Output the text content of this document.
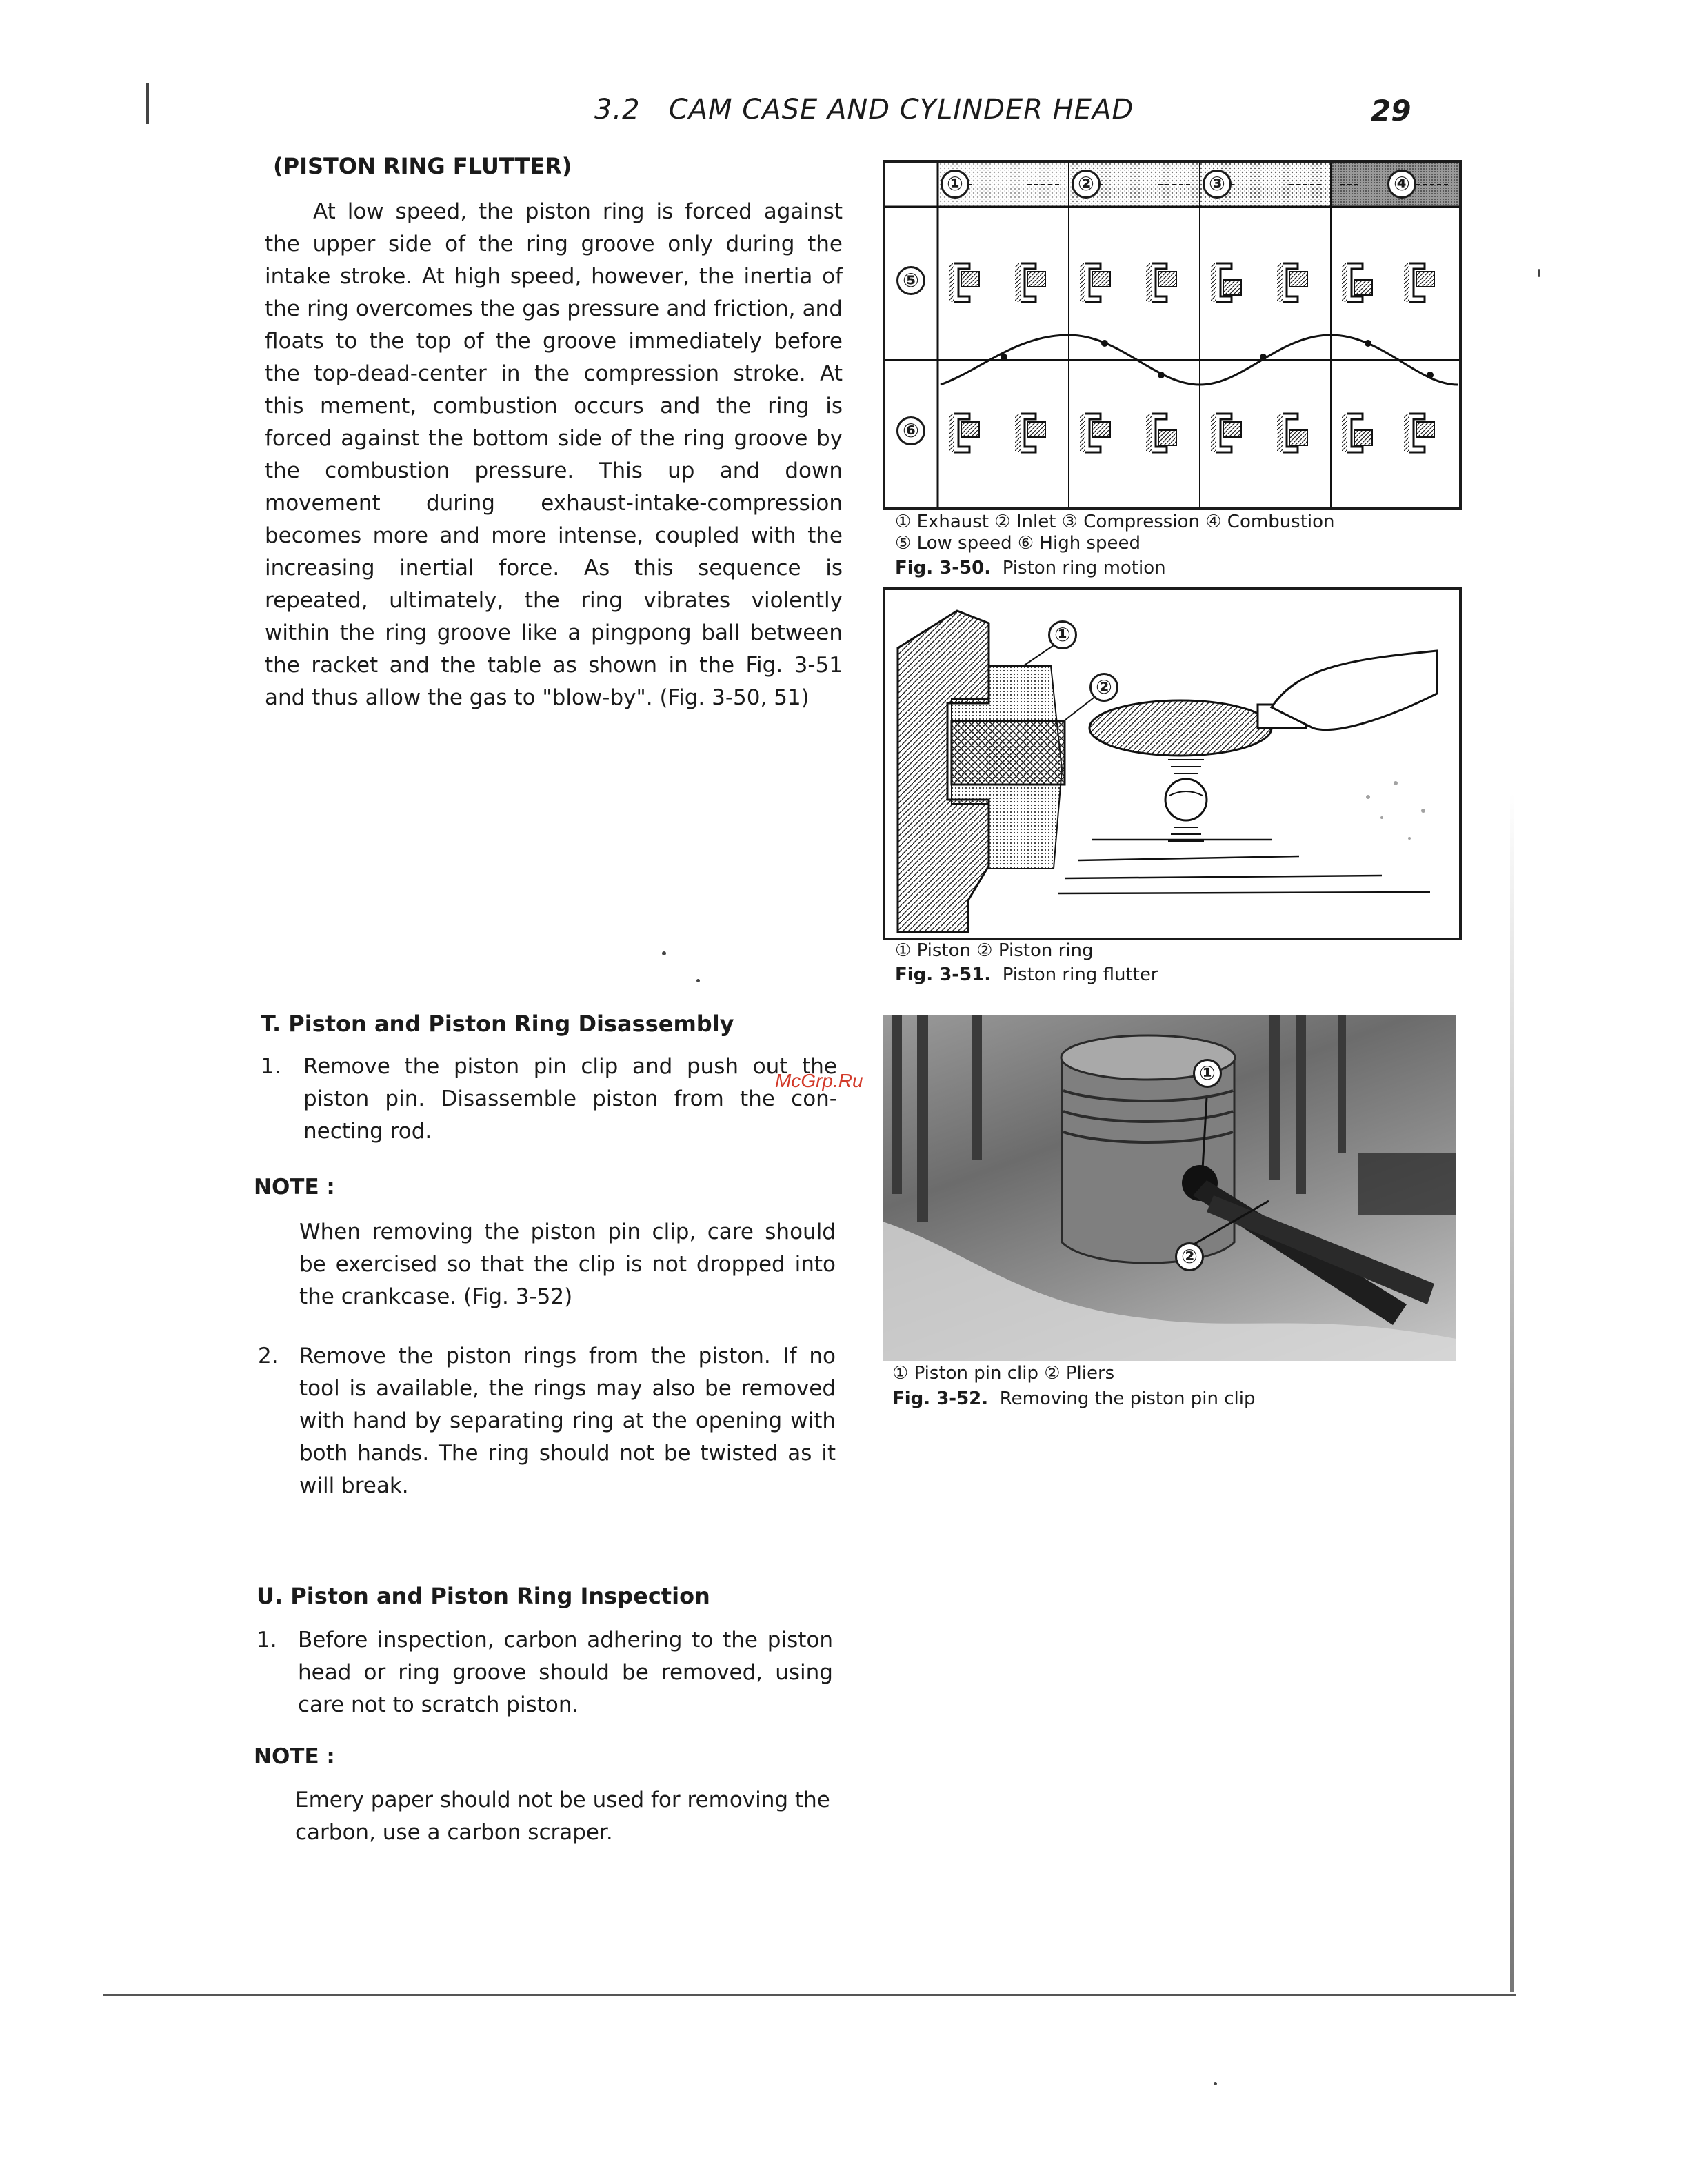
3.2 CAM CASE AND CYLINDER HEAD	29
(PISTON RING FLUTTER)
At low speed, the piston ring is forced against the upper side of the ring groove only during the intake stroke. At high speed, however, the inertia of the ring overcomes the gas pressure and friction, and floats to the top of the groove immediately before the top-dead-center in the compression stroke. At this mement, combustion occurs and the ring is forced against the bottom side of the ring groove by the combustion pressure. This up and down movement during exhaust-intake-compression becomes more and more intense, coupled with the increasing inertial force. As this sequence is repeated, ultimately, the ring vibrates violently within the ring groove like a pingpong ball between the racket and the table as shown in the Fig. 3-51 and thus allow the gas to "blow-by". (Fig. 3-50, 51)
①	②	③	④
⑤
⑥
① Exhaust ② Inlet ③ Compression ④ Combustion
⑤ Low speed ⑥ High speed
Fig. 3-50. Piston ring motion
①
②
① Piston ② Piston ring
Fig. 3-51. Piston ring flutter
①
②
McGrp.Ru
① Piston pin clip ② Pliers
Fig. 3-52. Removing the piston pin clip
T. Piston and Piston Ring Disassembly
1. Remove the piston pin clip and push out the piston pin. Disassemble piston from the con-necting rod.
NOTE :
When removing the piston pin clip, care should be exercised so that the clip is not dropped into the crankcase. (Fig. 3-52)
2. Remove the piston rings from the piston. If no tool is available, the rings may also be removed with hand by separating ring at the opening with both hands. The ring should not be twisted as it will break.
U. Piston and Piston Ring Inspection
1. Before inspection, carbon adhering to the piston head or ring groove should be removed, using care not to scratch piston.
NOTE :
Emery paper should not be used for removing the carbon, use a carbon scraper.
